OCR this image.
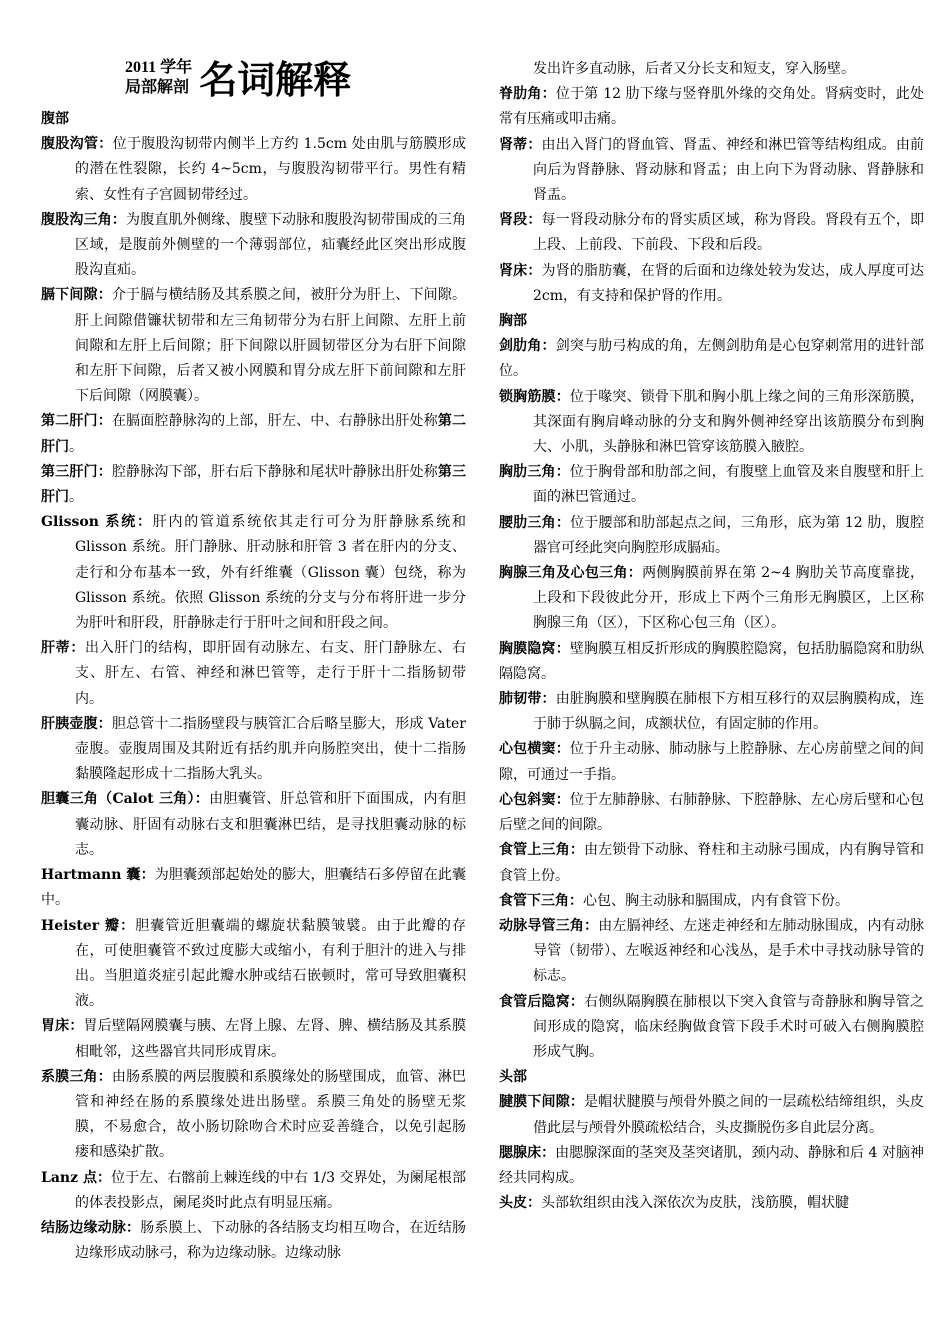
2011 学年
局部解剖 名词解释
腹部
腹股沟管：位于腹股沟韧带内侧半上方约 1.5cm 处由肌与筋膜形成的潜在性裂隙，长约 4~5cm，与腹股沟韧带平行。男性有精索、女性有子宫圆韧带经过。
腹股沟三角：为腹直肌外侧缘、腹壁下动脉和腹股沟韧带围成的三角区域，是腹前外侧壁的一个薄弱部位，疝囊经此区突出形成腹股沟直疝。
膈下间隙：介于膈与横结肠及其系膜之间，被肝分为肝上、下间隙。肝上间隙借镰状韧带和左三角韧带分为右肝上间隙、左肝上前间隙和左肝上后间隙；肝下间隙以肝圆韧带区分为右肝下间隙和左肝下间隙，后者又被小网膜和胃分成左肝下前间隙和左肝下后间隙（网膜囊）。
第二肝门：在膈面腔静脉沟的上部，肝左、中、右静脉出肝处称第二肝门。
第三肝门：腔静脉沟下部，肝右后下静脉和尾状叶静脉出肝处称第三肝门。
Glisson 系统：肝内的管道系统依其走行可分为肝静脉系统和 Glisson 系统。肝门静脉、肝动脉和肝管 3 者在肝内的分支、走行和分布基本一致，外有纤维囊（Glisson 囊）包绕，称为 Glisson 系统。依照 Glisson 系统的分支与分布将肝进一步分为肝叶和肝段，肝静脉走行于肝叶之间和肝段之间。
肝蒂：出入肝门的结构，即肝固有动脉左、右支、肝门静脉左、右支、肝左、右管、神经和淋巴管等，走行于肝十二指肠韧带内。
肝胰壶腹：胆总管十二指肠壁段与胰管汇合后略呈膨大，形成 Vater 壶腹。壶腹周围及其附近有括约肌并向肠腔突出，使十二指肠黏膜隆起形成十二指肠大乳头。
胆囊三角（Calot 三角）：由胆囊管、肝总管和肝下面围成，内有胆囊动脉、肝固有动脉右支和胆囊淋巴结，是寻找胆囊动脉的标志。
Hartmann 囊：为胆囊颈部起始处的膨大，胆囊结石多停留在此囊中。
Heister 瓣：胆囊管近胆囊端的螺旋状黏膜皱襞。由于此瓣的存在，可使胆囊管不致过度膨大或缩小，有利于胆汁的进入与排出。当胆道炎症引起此瓣水肿或结石嵌顿时，常可导致胆囊积液。
胃床：胃后壁隔网膜囊与胰、左肾上腺、左肾、脾、横结肠及其系膜相毗邻，这些器官共同形成胃床。
系膜三角：由肠系膜的两层腹膜和系膜缘处的肠壁围成，血管、淋巴管和神经在肠的系膜缘处进出肠壁。系膜三角处的肠壁无浆膜，不易愈合，故小肠切除吻合术时应妥善缝合，以免引起肠瘘和感染扩散。
Lanz 点：位于左、右髂前上棘连线的中右 1/3 交界处，为阑尾根部的体表投影点，阑尾炎时此点有明显压痛。
结肠边缘动脉：肠系膜上、下动脉的各结肠支均相互吻合，在近结肠边缘形成动脉弓，称为边缘动脉。边缘动脉
发出许多直动脉，后者又分长支和短支，穿入肠壁。
脊肋角：位于第 12 肋下缘与竖脊肌外缘的交角处。肾病变时，此处常有压痛或叩击痛。
肾蒂：由出入肾门的肾血管、肾盂、神经和淋巴管等结构组成。由前向后为肾静脉、肾动脉和肾盂；由上向下为肾动脉、肾静脉和肾盂。
肾段：每一肾段动脉分布的肾实质区域，称为肾段。肾段有五个，即上段、上前段、下前段、下段和后段。
肾床：为肾的脂肪囊，在肾的后面和边缘处较为发达，成人厚度可达 2cm，有支持和保护肾的作用。
胸部
剑肋角：剑突与肋弓构成的角，左侧剑肋角是心包穿刺常用的进针部位。
锁胸筋膜：位于喙突、锁骨下肌和胸小肌上缘之间的三角形深筋膜，其深面有胸肩峰动脉的分支和胸外侧神经穿出该筋膜分布到胸大、小肌，头静脉和淋巴管穿该筋膜入腋腔。
胸肋三角：位于胸骨部和肋部之间，有腹壁上血管及来自腹壁和肝上面的淋巴管通过。
腰肋三角：位于腰部和肋部起点之间，三角形，底为第 12 肋，腹腔器官可经此突向胸腔形成膈疝。
胸腺三角及心包三角：两侧胸膜前界在第 2~4 胸肋关节高度靠拢，上段和下段彼此分开，形成上下两个三角形无胸膜区，上区称胸腺三角（区），下区称心包三角（区）。
胸膜隐窝：壁胸膜互相反折形成的胸膜腔隐窝，包括肋膈隐窝和肋纵隔隐窝。
肺韧带：由脏胸膜和壁胸膜在肺根下方相互移行的双层胸膜构成，连于肺于纵膈之间，成额状位，有固定肺的作用。
心包横窦：位于升主动脉、肺动脉与上腔静脉、左心房前壁之间的间隙，可通过一手指。
心包斜窦：位于左肺静脉、右肺静脉、下腔静脉、左心房后壁和心包后壁之间的间隙。
食管上三角：由左锁骨下动脉、脊柱和主动脉弓围成，内有胸导管和食管上份。
食管下三角：心包、胸主动脉和膈围成，内有食管下份。
动脉导管三角：由左膈神经、左迷走神经和左肺动脉围成，内有动脉导管（韧带）、左喉返神经和心浅丛，是手术中寻找动脉导管的标志。
食管后隐窝：右侧纵隔胸膜在肺根以下突入食管与奇静脉和胸导管之间形成的隐窝，临床经胸做食管下段手术时可破入右侧胸膜腔形成气胸。
头部
腱膜下间隙：是帽状腱膜与颅骨外膜之间的一层疏松结缔组织，头皮借此层与颅骨外膜疏松结合，头皮撕脱伤多自此层分离。
腮腺床：由腮腺深面的茎突及茎突诸肌，颈内动、静脉和后 4 对脑神经共同构成。
头皮：头部软组织由浅入深依次为皮肤，浅筋膜，帽状腱
